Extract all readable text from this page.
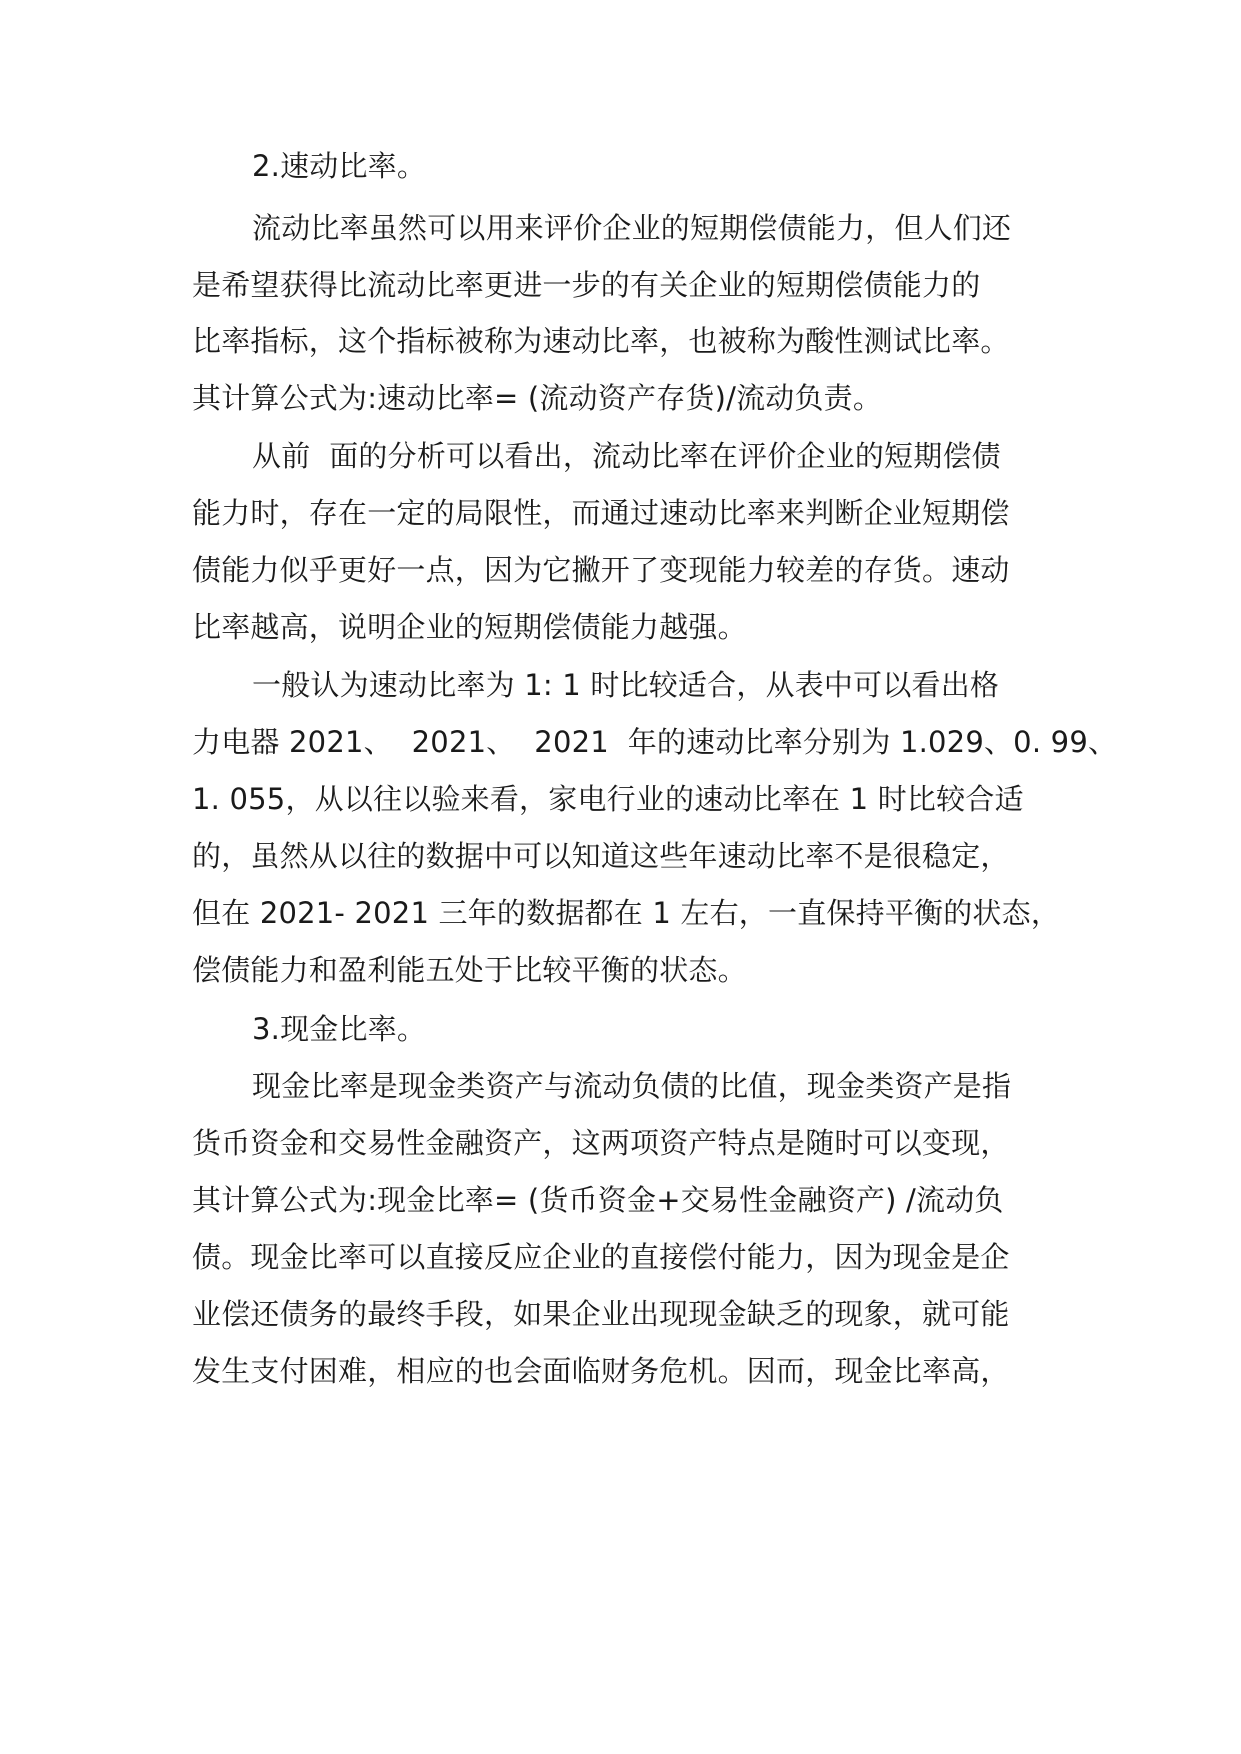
2.速动比率。
流动比率虽然可以用来评价企业的短期偿债能力，但人们还
是希望获得比流动比率更进一步的有关企业的短期偿债能力的
比率指标，这个指标被称为速动比率，也被称为酸性测试比率。
其计算公式为:速动比率= (流动资产存货)/流动负责。
从前  面的分析可以看出，流动比率在评价企业的短期偿债
能力时，存在一定的局限性，而通过速动比率来判断企业短期偿
债能力似乎更好一点，因为它撇开了变现能力较差的存货。速动
比率越高，说明企业的短期偿债能力越强。
一般认为速动比率为 1: 1 时比较适合，从表中可以看出格
力电器 2021、  2021、  2021  年的速动比率分别为 1.029、0. 99、
1. 055，从以往以验来看，家电行业的速动比率在 1 时比较合适
的，虽然从以往的数据中可以知道这些年速动比率不是很稳定，
但在 2021- 2021 三年的数据都在 1 左右，一直保持平衡的状态，
偿债能力和盈利能五处于比较平衡的状态。
3.现金比率。
现金比率是现金类资产与流动负债的比值，现金类资产是指
货币资金和交易性金融资产，这两项资产特点是随时可以变现，
其计算公式为:现金比率= (货币资金+交易性金融资产) /流动负
债。现金比率可以直接反应企业的直接偿付能力，因为现金是企
业偿还债务的最终手段，如果企业出现现金缺乏的现象，就可能
发生支付困难，相应的也会面临财务危机。因而，现金比率高，
